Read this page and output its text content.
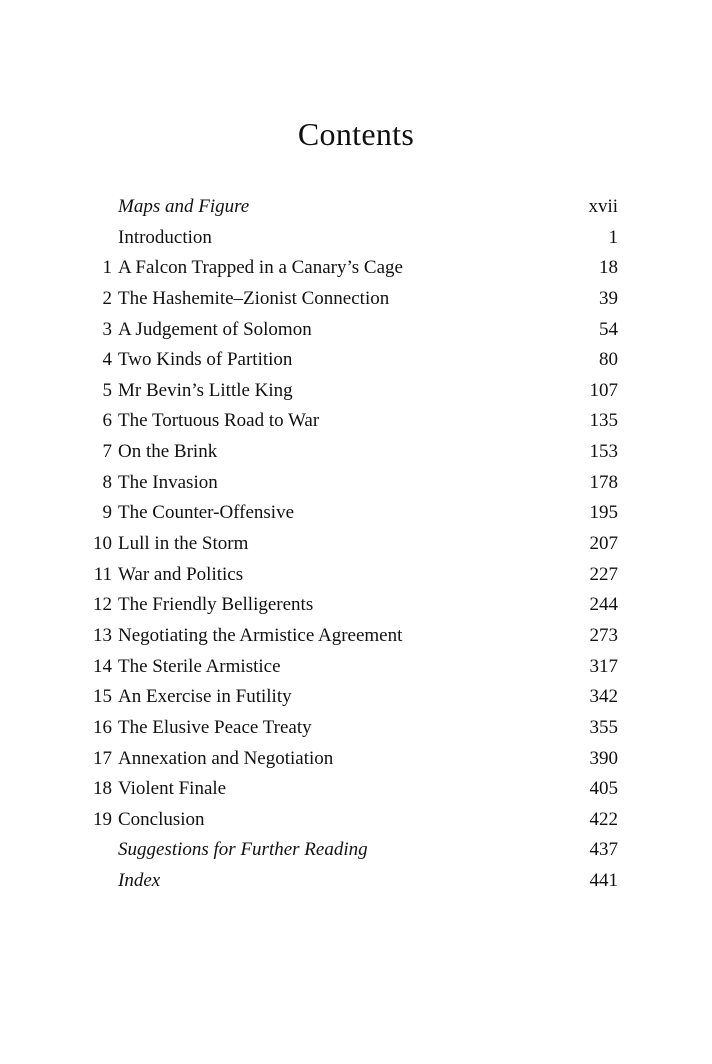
Contents
Maps and Figure	xvii
Introduction	1
1 A Falcon Trapped in a Canary’s Cage	18
2 The Hashemite–Zionist Connection	39
3 A Judgement of Solomon	54
4 Two Kinds of Partition	80
5 Mr Bevin’s Little King	107
6 The Tortuous Road to War	135
7 On the Brink	153
8 The Invasion	178
9 The Counter-Offensive	195
10 Lull in the Storm	207
11 War and Politics	227
12 The Friendly Belligerents	244
13 Negotiating the Armistice Agreement	273
14 The Sterile Armistice	317
15 An Exercise in Futility	342
16 The Elusive Peace Treaty	355
17 Annexation and Negotiation	390
18 Violent Finale	405
19 Conclusion	422
Suggestions for Further Reading	437
Index	441
